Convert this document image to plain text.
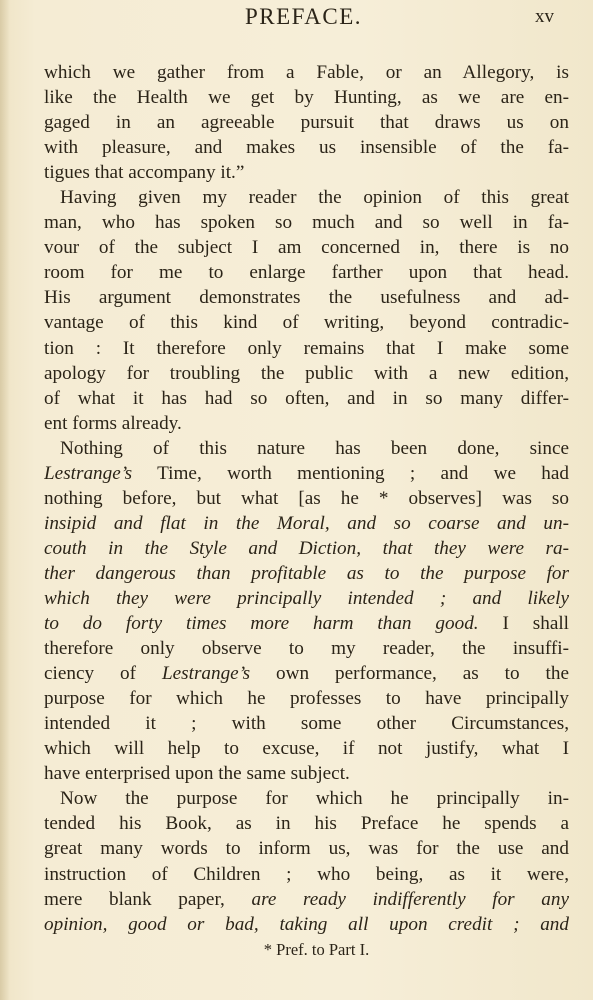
PREFACE.	xv
which we gather from a Fable, or an Allegory, is
like the Health we get by Hunting, as we are en-
gaged in an agreeable pursuit that draws us on
with pleasure, and makes us insensible of the fa-
tigues that accompany it.”
Having given my reader the opinion of this great
man, who has spoken so much and so well in fa-
vour of the subject I am concerned in, there is no
room for me to enlarge farther upon that head.
His argument demonstrates the usefulness and ad-
vantage of this kind of writing, beyond contradic-
tion : It therefore only remains that I make some
apology for troubling the public with a new edition,
of what it has had so often, and in so many differ-
ent forms already.
Nothing of this nature has been done, since
Lestrange’s Time, worth mentioning ; and we had
nothing before, but what [as he * observes] was so
insipid and flat in the Moral, and so coarse and un-
couth in the Style and Diction, that they were ra-
ther dangerous than profitable as to the purpose for
which they were principally intended ; and likely
to do forty times more harm than good. I shall
therefore only observe to my reader, the insuffi-
ciency of Lestrange’s own performance, as to the
purpose for which he professes to have principally
intended it ; with some other Circumstances,
which will help to excuse, if not justify, what I
have enterprised upon the same subject.
Now the purpose for which he principally in-
tended his Book, as in his Preface he spends a
great many words to inform us, was for the use and
instruction of Children ; who being, as it were,
mere blank paper, are ready indifferently for any
opinion, good or bad, taking all upon credit ; and
* Pref. to Part I.
